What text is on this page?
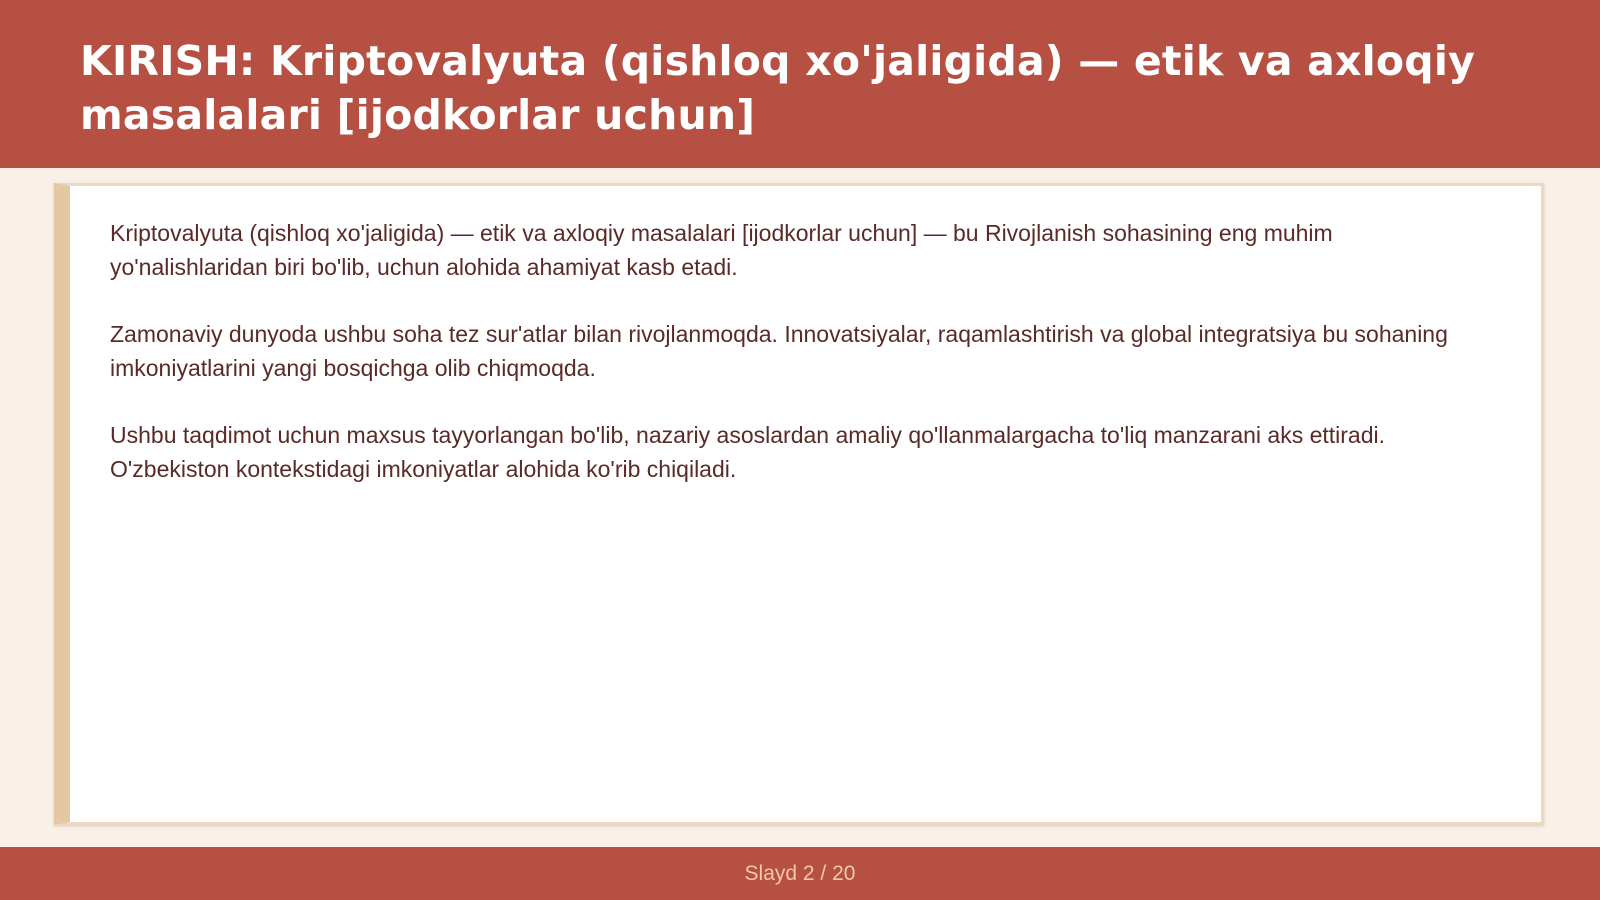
KIRISH: Kriptovalyuta (qishloq xo'jaligida) — etik va axloqiy masalalari [ijodkorlar uchun]

Kriptovalyuta (qishloq xo'jaligida) — etik va axloqiy masalalari [ijodkorlar uchun] — bu Rivojlanish sohasining eng muhim yo'nalishlaridan biri bo'lib, uchun alohida ahamiyat kasb etadi.

Zamonaviy dunyoda ushbu soha tez sur'atlar bilan rivojlanmoqda. Innovatsiyalar, raqamlashtirish va global integratsiya bu sohaning imkoniyatlarini yangi bosqichga olib chiqmoqda.

Ushbu taqdimot uchun maxsus tayyorlangan bo'lib, nazariy asoslardan amaliy qo'llanmalargacha to'liq manzarani aks ettiradi. O'zbekiston kontekstidagi imkoniyatlar alohida ko'rib chiqiladi.

Slayd 2 / 20
